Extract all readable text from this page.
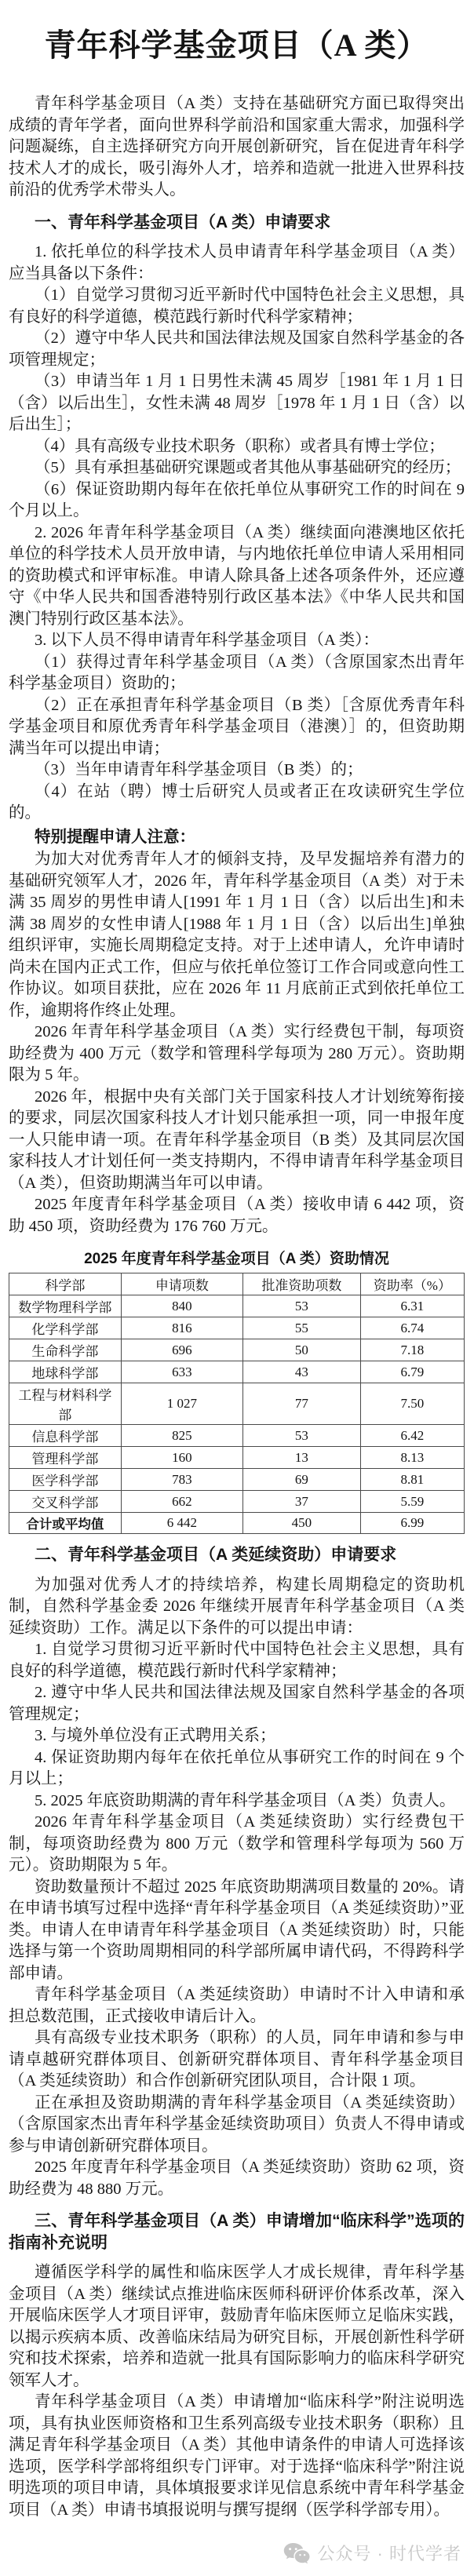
青年科学基金项目（A 类）

青年科学基金项目（A 类）支持在基础研究方面已取得突出成绩的青年学者，面向世界科学前沿和国家重大需求，加强科学问题凝练，自主选择研究方向开展创新研究，旨在促进青年科学技术人才的成长，吸引海外人才，培养和造就一批进入世界科技前沿的优秀学术带头人。

一、青年科学基金项目（A 类）申请要求

1. 依托单位的科学技术人员申请青年科学基金项目（A 类）应当具备以下条件：

（1）自觉学习贯彻习近平新时代中国特色社会主义思想，具有良好的科学道德，模范践行新时代科学家精神；

（2）遵守中华人民共和国法律法规及国家自然科学基金的各项管理规定；

（3）申请当年 1 月 1 日男性未满 45 周岁［1981 年 1 月 1 日（含）以后出生］，女性未满 48 周岁［1978 年 1 月 1 日（含）以后出生］；

（4）具有高级专业技术职务（职称）或者具有博士学位；

（5）具有承担基础研究课题或者其他从事基础研究的经历；

（6）保证资助期内每年在依托单位从事研究工作的时间在 9 个月以上。

2. 2026 年青年科学基金项目（A 类）继续面向港澳地区依托单位的科学技术人员开放申请，与内地依托单位申请人采用相同的资助模式和评审标准。申请人除具备上述各项条件外，还应遵守《中华人民共和国香港特别行政区基本法》《中华人民共和国澳门特别行政区基本法》。

3. 以下人员不得申请青年科学基金项目（A 类）：

（1）获得过青年科学基金项目（A 类）（含原国家杰出青年科学基金项目）资助的；

（2）正在承担青年科学基金项目（B 类）［含原优秀青年科学基金项目和原优秀青年科学基金项目（港澳）］的，但资助期满当年可以提出申请；

（3）当年申请青年科学基金项目（B 类）的；

（4）在站（聘）博士后研究人员或者正在攻读研究生学位的。

特别提醒申请人注意：

为加大对优秀青年人才的倾斜支持，及早发掘培养有潜力的基础研究领军人才，2026 年，青年科学基金项目（A 类）对于未满 35 周岁的男性申请人[1991 年 1 月 1 日（含）以后出生]和未满 38 周岁的女性申请人[1988 年 1 月 1 日（含）以后出生]单独组织评审，实施长周期稳定支持。对于上述申请人，允许申请时尚未在国内正式工作，但应与依托单位签订工作合同或意向性工作协议。如项目获批，应在 2026 年 11 月底前正式到依托单位工作，逾期将作终止处理。

2026 年青年科学基金项目（A 类）实行经费包干制，每项资助经费为 400 万元（数学和管理科学每项为 280 万元）。资助期限为 5 年。

2026 年，根据中央有关部门关于国家科技人才计划统筹衔接的要求，同层次国家科技人才计划只能承担一项，同一申报年度一人只能申请一项。在青年科学基金项目（B 类）及其同层次国家科技人才计划任何一类支持期内，不得申请青年科学基金项目（A 类），但资助期满当年可以申请。

2025 年度青年科学基金项目（A 类）接收申请 6 442 项，资助 450 项，资助经费为 176 760 万元。

2025 年度青年科学基金项目（A 类）资助情况
科学部	申请项数	批准资助项数	资助率（%）
数学物理科学部	840	53	6.31
化学科学部	816	55	6.74
生命科学部	696	50	7.18
地球科学部	633	43	6.79
工程与材料科学部	1 027	77	7.50
信息科学部	825	53	6.42
管理科学部	160	13	8.13
医学科学部	783	69	8.81
交叉科学部	662	37	5.59
合计或平均值	6 442	450	6.99
二、青年科学基金项目（A 类延续资助）申请要求

为加强对优秀人才的持续培养，构建长周期稳定的资助机制，自然科学基金委 2026 年继续开展青年科学基金项目（A 类延续资助）工作。满足以下条件的可以提出申请：

1. 自觉学习贯彻习近平新时代中国特色社会主义思想，具有良好的科学道德，模范践行新时代科学家精神；

2. 遵守中华人民共和国法律法规及国家自然科学基金的各项管理规定；

3. 与境外单位没有正式聘用关系；

4. 保证资助期内每年在依托单位从事研究工作的时间在 9 个月以上；

5. 2025 年底资助期满的青年科学基金项目（A 类）负责人。

2026 年青年科学基金项目（A 类延续资助）实行经费包干制，每项资助经费为 800 万元（数学和管理科学每项为 560 万元）。资助期限为 5 年。

资助数量预计不超过 2025 年底资助期满项目数量的 20%。请在申请书填写过程中选择“青年科学基金项目（A 类延续资助）”亚类。申请人在申请青年科学基金项目（A 类延续资助）时，只能选择与第一个资助周期相同的科学部所属申请代码，不得跨科学部申请。

青年科学基金项目（A 类延续资助）申请时不计入申请和承担总数范围，正式接收申请后计入。

具有高级专业技术职务（职称）的人员，同年申请和参与申请卓越研究群体项目、创新研究群体项目、青年科学基金项目（A 类延续资助）和合作创新研究团队项目，合计限 1 项。

正在承担及资助期满的青年科学基金项目（A 类延续资助）（含原国家杰出青年科学基金延续资助项目）负责人不得申请或参与申请创新研究群体项目。

2025 年度青年科学基金项目（A 类延续资助）资助 62 项，资助经费为 48 880 万元。

三、青年科学基金项目（A 类）申请增加“临床科学”选项的指南补充说明

遵循医学科学的属性和临床医学人才成长规律，青年科学基金项目（A 类）继续试点推进临床医师科研评价体系改革，深入开展临床医学人才项目评审，鼓励青年临床医师立足临床实践，以揭示疾病本质、改善临床结局为研究目标，开展创新性科学研究和技术探索，培养和造就一批具有国际影响力的临床科学研究领军人才。

青年科学基金项目（A 类）申请增加“临床科学”附注说明选项，具有执业医师资格和卫生系列高级专业技术职务（职称）且满足青年科学基金项目（A 类）其他申请条件的申请人可选择该选项，医学科学部将组织专门评审。对于选择“临床科学”附注说明选项的项目申请，具体填报要求详见信息系统中青年科学基金项目（A 类）申请书填报说明与撰写提纲（医学科学部专用）。

公众号 · 时代学者
